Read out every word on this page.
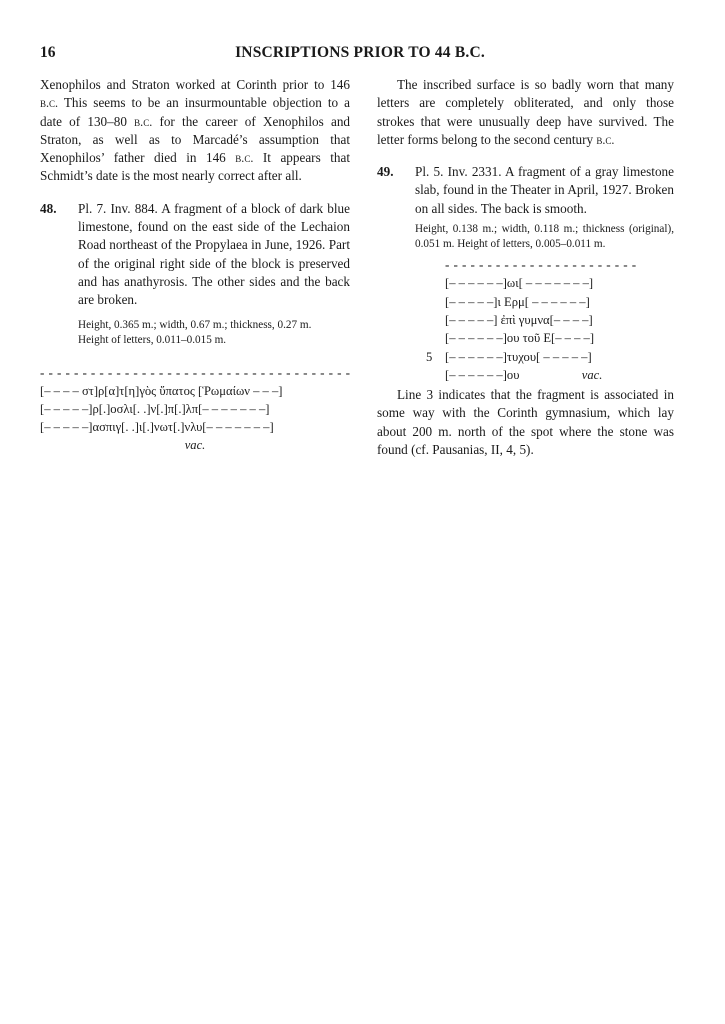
16	INSCRIPTIONS PRIOR TO 44 B.C.

Xenophilos and Straton worked at Corinth prior to 146 b.c. This seems to be an insurmountable objection to a date of 130–80 b.c. for the career of Xenophilos and Straton, as well as to Marcadé’s assumption that Xenophilos’ father died in 146 b.c. It appears that Schmidt’s date is the most nearly correct after all.

48. Pl. 7. Inv. 884. A fragment of a block of dark blue limestone, found on the east side of the Lechaion Road northeast of the Propylaea in June, 1926. Part of the original right side of the block is preserved and has anathyrosis. The other sides and the back are broken.
Height, 0.365 m.; width, 0.67 m.; thickness, 0.27 m.
Height of letters, 0.011–0.015 m.
- - - - - - - - - - - - - - - - - - - - - - - - - - - - - - - - - - - - -
[– – – – στ]ρ[α]τ[η]γὸς ὕπατος [Ῥωμαίων – – –]
[– – – – –]ρ[.]οσλι[. .]ν[.]π[.]λπ[– – – – – – –]
[– – – – –]ασπιγ[. .]ι[.]νωτ[.]νλυ[– – – – – – –]
vac.

The inscribed surface is so badly worn that many letters are completely obliterated, and only those strokes that were unusually deep have survived. The letter forms belong to the second century b.c.

49. Pl. 5. Inv. 2331. A fragment of a gray limestone slab, found in the Theater in April, 1927. Broken on all sides. The back is smooth.
Height, 0.138 m.; width, 0.118 m.; thickness (original), 0.051 m. Height of letters, 0.005–0.011 m.
- - - - - - - - - - - - - - - - - - - - - - -
[– – – – – –]ωι[ – – – – – – –]
[– – – – –]ι Ερμ[ – – – – – –]
[– – – – –] ἐπὶ γυμνα[– – – –]
[– – – – – –]ου τοῦ Ε[– – – –]
5 [– – – – – –]τυχου[ – – – – –]
[– – – – – –]ου	vac.

Line 3 indicates that the fragment is associated in some way with the Corinth gymnasium, which lay about 200 m. north of the spot where the stone was found (cf. Pausanias, II, 4, 5).
